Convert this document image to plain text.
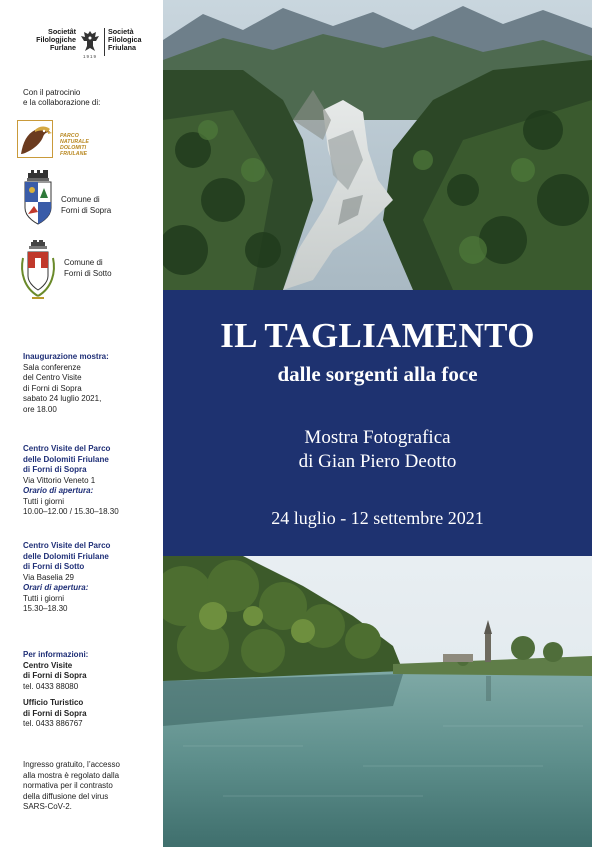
Societât
Filologjiche
Furlane
1919
Società
Filologica
Friulana
Con il patrocinio
e la collaborazione di:
PARCO
NATURALE
DOLOMITI
FRIULANE
Comune di
Forni di Sopra
Comune di
Forni di Sotto
Inaugurazione mostra:
Sala conferenze
del Centro Visite
di Forni di Sopra
sabato 24 luglio 2021,
ore 18.00
Centro Visite del Parco
delle Dolomiti Friulane
di Forni di Sopra
Via Vittorio Veneto 1
Orario di apertura:
Tutti i giorni
10.00–12.00 / 15.30–18.30
Centro Visite del Parco
delle Dolomiti Friulane
di Forni di Sotto
Via Baselia 29
Orari di apertura:
Tutti i giorni
15.30–18.30
Per informazioni:
Centro Visite
di Forni di Sopra
tel. 0433 88080
Ufficio Turistico
di Forni di Sopra
tel. 0433 886767
Ingresso gratuito, l’accesso
alla mostra è regolato dalla
normativa per il contrasto
della diffusione del virus
SARS-CoV-2.
IL TAGLIAMENTO
dalle sorgenti alla foce
Mostra Fotografica
di Gian Piero Deotto
24 luglio - 12 settembre 2021
